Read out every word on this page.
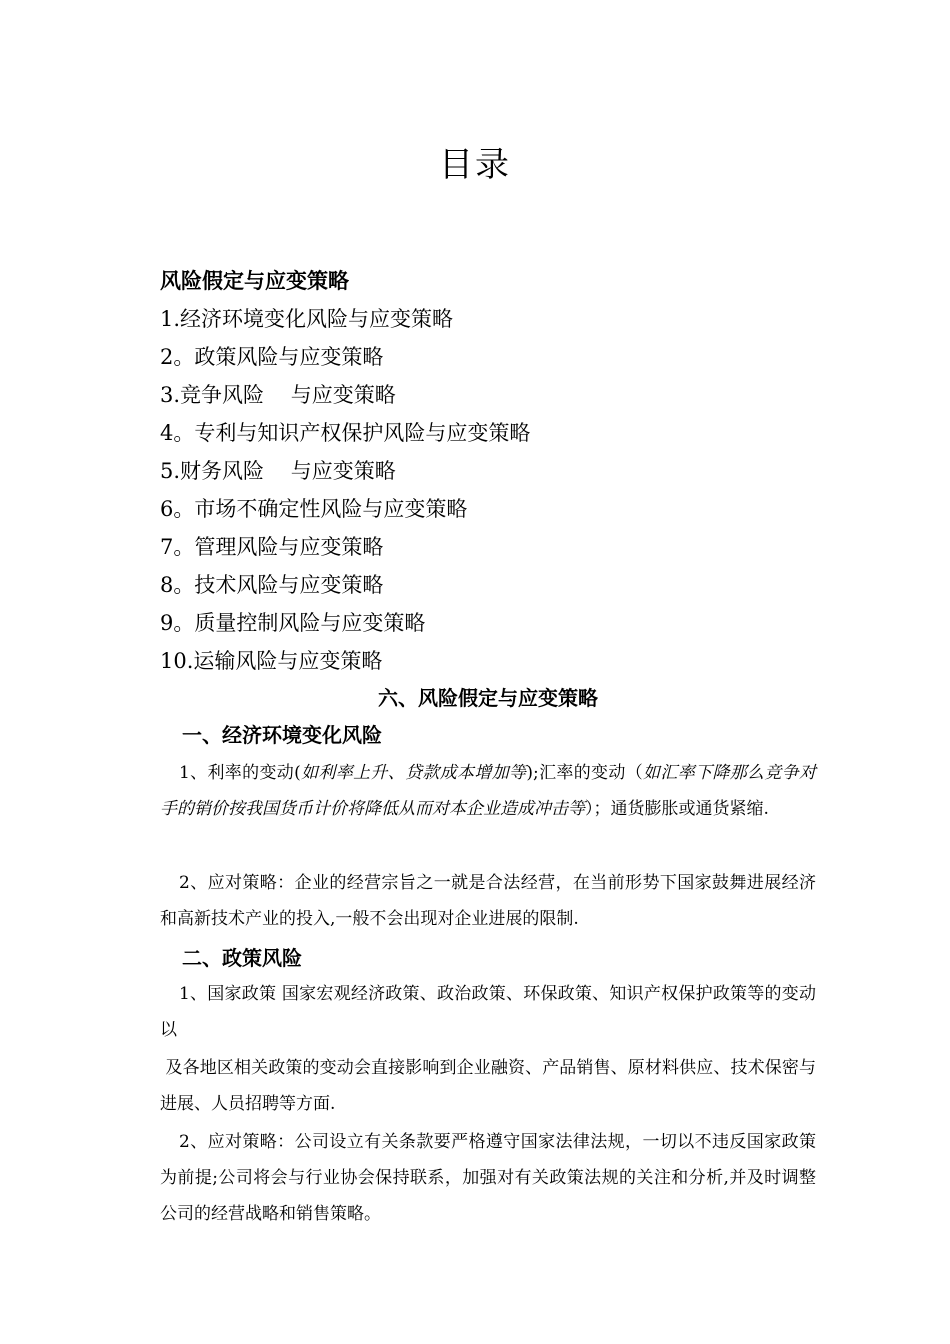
目录
风险假定与应变策略
1.经济环境变化风险与应变策略
2。政策风险与应变策略
3.竞争风险    与应变策略
4。专利与知识产权保护风险与应变策略
5.财务风险    与应变策略
6。市场不确定性风险与应变策略
7。管理风险与应变策略
8。技术风险与应变策略
9。质量控制风险与应变策略
10.运输风险与应变策略
六、风险假定与应变策略
一、经济环境变化风险
1、利率的变动(如利率上升、贷款成本增加等);汇率的变动（如汇率下降那么竞争对手的销价按我国货币计价将降低从而对本企业造成冲击等）；通货膨胀或通货紧缩.
2、应对策略：企业的经营宗旨之一就是合法经营，在当前形势下国家鼓舞进展经济和高新技术产业的投入,一般不会出现对企业进展的限制.
二、政策风险
1、国家政策 国家宏观经济政策、政治政策、环保政策、知识产权保护政策等的变动以
及各地区相关政策的变动会直接影响到企业融资、产品销售、原材料供应、技术保密与进展、人员招聘等方面.
2、应对策略：公司设立有关条款要严格遵守国家法律法规，一切以不违反国家政策为前提;公司将会与行业协会保持联系，加强对有关政策法规的关注和分析,并及时调整公司的经营战略和销售策略。
